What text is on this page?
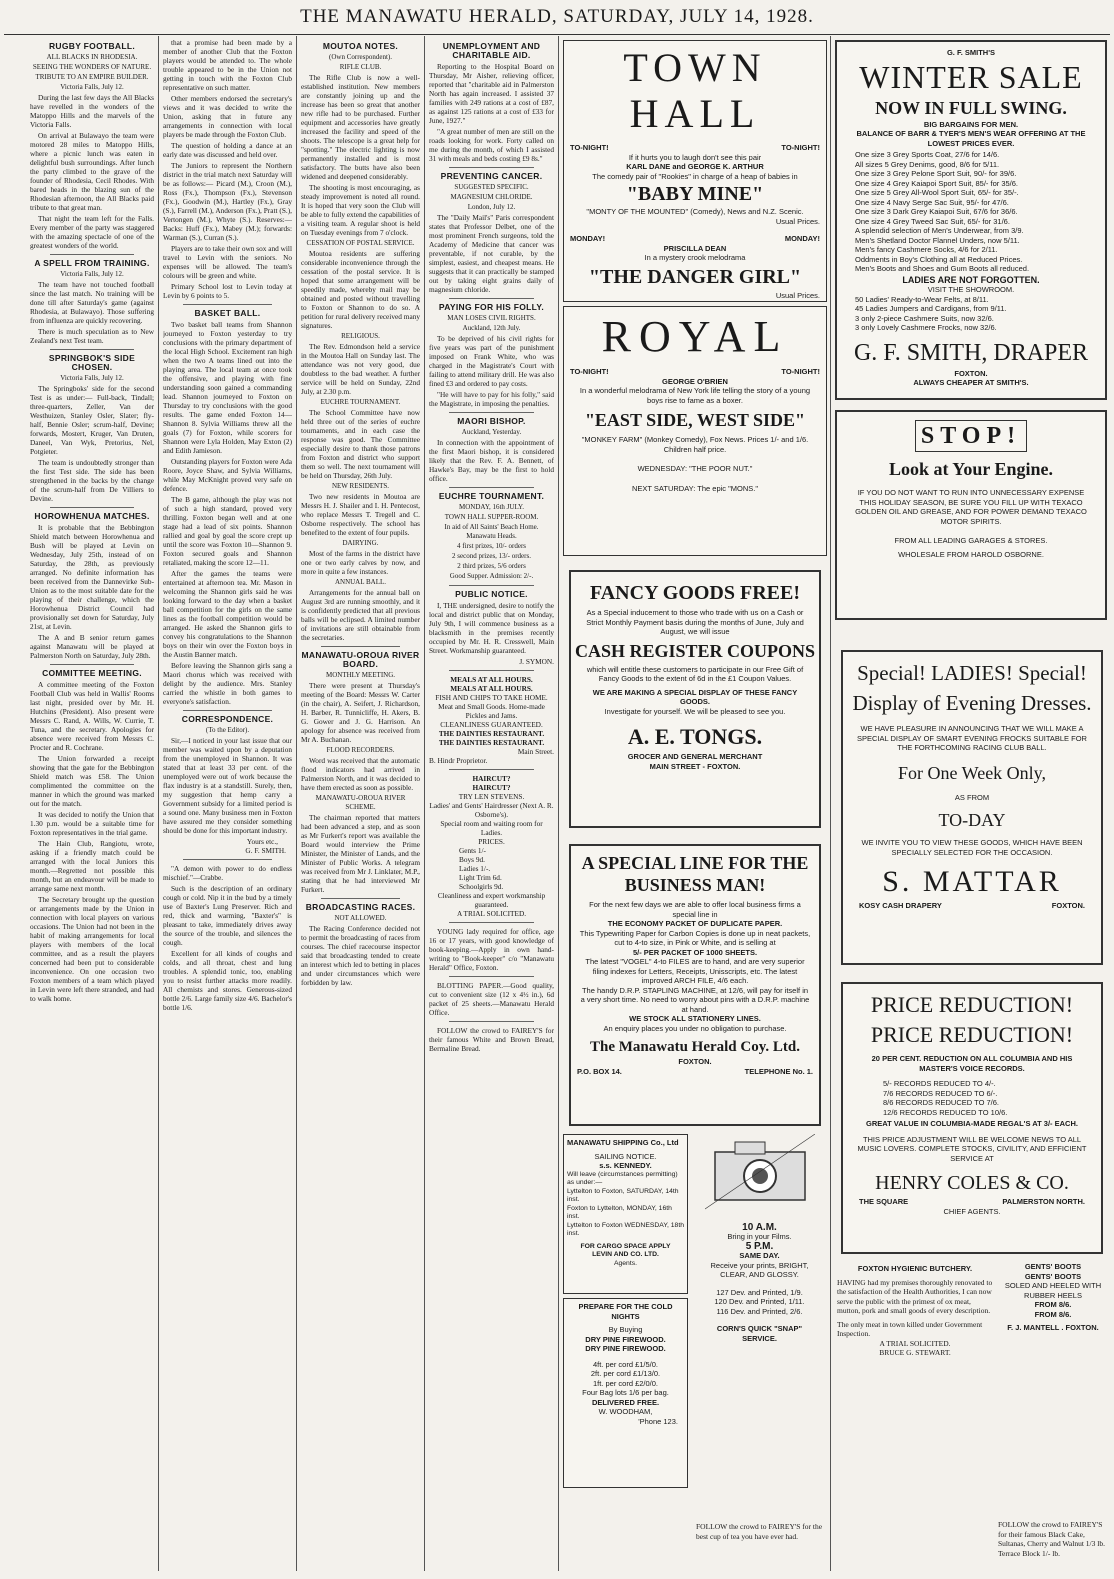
THE MANAWATU HERALD, SATURDAY, JULY 14, 1928.
RUGBY FOOTBALL.
ALL BLACKS IN RHODESIA.
SEEING THE WONDERS OF NATURE.
TRIBUTE TO AN EMPIRE BUILDER.
Victoria Falls, July 12.

During the last few days the All Blacks have revelled in the wonders of the Matoppo Hills and the marvels of the Victoria Falls.

On arrival at Bulawayo the team were motored 28 miles to Matoppo Hills, where a picnic lunch was eaten in delightful bush surroundings. After lunch the party climbed to the grave of the founder of Rhodesia, Cecil Rhodes. With bared heads in the blazing sun of the Rhodesian afternoon, the All Blacks paid tribute to that great man.

That night the team left for the Falls. Every member of the party was staggered with the amazing spectacle of one of the greatest wonders of the world.

A SPELL FROM TRAINING.
Victoria Falls, July 12.

The team have not touched football since the last match. No training will be done till after Saturday's game (against Rhodesia, at Bulawayo). Those suffering from influenza are quickly recovering.

There is much speculation as to New Zealand's next Test team.

SPRINGBOK'S SIDE CHOSEN.
Victoria Falls, July 12.

The Springboks' side for the second Test is as under:— Full-back, Tindall; three-quarters, Zeller, Van der Westhuizen, Stanley Osler, Slater; fly-half, Bennie Osler; scrum-half, Devine; forwards, Mostert, Kruger, Van Druten, Daneel, Van Wyk, Pretorius, Nel, Potgieter.

The team is undoubtedly stronger than the first Test side. The side has been strengthened in the backs by the change of the scrum-half from De Villiers to Devine.

HOROWHENUA MATCHES.

It is probable that the Bebbington Shield match between Horowhenua and Bush will be played at Levin on Wednesday, July 25th, instead of on Saturday, the 28th, as previously arranged. No definite information has been received from the Dannevirke Sub-Union as to the most suitable date for the playing of their challenge, which the Horowhenua District Council had provisionally set down for Saturday, July 21st, at Levin.

The A and B senior return games against Manawatu will be played at Palmerston North on Saturday, July 28th.

COMMITTEE MEETING.

A committee meeting of the Foxton Football Club was held in Wallis' Rooms last night, presided over by Mr. H. Hutchins (President). Also present were Messrs C. Rand, A. Wills, W. Currie, T. Tuna, and the secretary. Apologies for absence were received from Messrs C. Procter and R. Cochrane.

The Union forwarded a receipt showing that the gate for the Bebbington Shield match was £58. The Union complimented the committee on the manner in which the ground was marked out for the match.

It was decided to notify the Union that 1.30 p.m. would be a suitable time for Foxton representatives in the trial game.

The Hain Club, Rangiotu, wrote, asking if a friendly match could be arranged with the local Juniors this month.—Regretted not possible this month, but an endeavour will be made to arrange same next month.

The Secretary brought up the question or arrangements made by the Union in connection with local players on various occasions. The Union had not been in the habit of making arrangements for local players with members of the local committee, and as a result the players concerned had been put to considerable inconvenience. On one occasion two Foxton members of a team which played in Levin were left there stranded, and had to walk home.

that a promise had been made by a member of another Club that the Foxton players would be attended to. The whole trouble appeared to be in the Union not getting in touch with the Foxton Club representative on such matter.

Other members endorsed the secretary's views and it was decided to write the Union, asking that in future any arrangements in connection with local players be made through the Foxton Club.

The question of holding a dance at an early date was discussed and held over.

The Juniors to represent the Northern district in the trial match next Saturday will be as follows:— Picard (M.), Croon (M.), Ross (Fx.), Thompson (Fx.), Stevenson (Fx.), Goodwin (M.), Hartley (Fx.), Gray (S.), Farrell (M.), Anderson (Fx.), Pratt (S.), Vertongen (M.), Whyte (S.). Reserves:— Backs: Huff (Fx.), Mabey (M.); forwards: Warman (S.), Curran (S.).

Players are to take their own sox and will travel to Levin with the seniors. No expenses will be allowed. The team's colours will be green and white.

Primary School lost to Levin today at Levin by 6 points to 5.

BASKET BALL.

Two basket ball teams from Shannon journeyed to Foxton yesterday to try conclusions with the primary department of the local High School. Excitement ran high when the two A teams lined out into the playing area. The local team at once took the offensive, and playing with fine understanding soon gained a commanding lead. Shannon journeyed to Foxton on Thursday to try conclusions with the good results. The game ended Foxton 14—Shannon 8. Sylvia Williams threw all the goals (7) for Foxton, while scorers for Shannon were Lyla Holden, May Exton (2) and Edith Jamieson.

Outstanding players for Foxton were Ada Roore, Joyce Shaw, and Sylvia Williams, while May McKnight proved very safe on defence.

The B game, although the play was not of such a high standard, proved very thrilling. Foxton began well and at one stage had a lead of six points. Shannon rallied and goal by goal the score crept up until the score was Foxton 10—Shannon 9. Foxton secured goals and Shannon retaliated, making the score 12—11.

After the games the teams were entertained at afternoon tea. Mr. Mason in welcoming the Shannon girls said he was looking forward to the day when a basket ball competition for the girls on the same lines as the football competition would be arranged. He asked the Shannon girls to convey his congratulations to the Shannon boys on their win over the Foxton boys in the Austin Banner match.

Before leaving the Shannon girls sang a Maori chorus which was received with delight by the audience. Mrs. Stanley carried the whistle in both games to everyone's satisfaction.

CORRESPONDENCE.
(To the Editor).

Sir,—I noticed in your last issue that our member was waited upon by a deputation from the unemployed in Shannon. It was stated that at least 33 per cent. of the unemployed were out of work because the flax industry is at a standstill. Surely, then, my suggestion that hemp carry a Government subsidy for a limited period is a sound one. Many business men in Foxton have assured me they consider something should be done for this important industry.

Yours etc.,
G. F. SMITH.

"A demon with power to do endless mischief."—Crabbe.

Such is the description of an ordinary cough or cold. Nip it in the bud by a timely use of Baxter's Lung Preserver. Rich and red, thick and warming, "Baxter's" is pleasant to take, immediately drives away the source of the trouble, and silences the cough.

Excellent for all kinds of coughs and colds, and all throat, chest and lung troubles. A splendid tonic, too, enabling you to resist further attacks more readily. All chemists and stores. Generous-sized bottle 2/6. Large family size 4/6. Bachelor's bottle 1/6.

MOUTOA NOTES.
(Own Correspondent).
RIFLE CLUB.

The Rifle Club is now a well-established institution. New members are constantly joining up and the increase has been so great that another new rifle had to be purchased. Further equipment and accessories have greatly increased the facility and speed of the shoots. The telescope is a great help for "spotting." The electric lighting is now permanently installed and is most satisfactory. The butts have also been widened and deepened considerably.

The shooting is most encouraging, as steady improvement is noted all round. It is hoped that very soon the Club will be able to fully extend the capabilities of a visiting team. A regular shoot is held on Tuesday evenings from 7 o'clock.

CESSATION OF POSTAL SERVICE.

Moutoa residents are suffering considerable inconvenience through the cessation of the postal service. It is hoped that some arrangement will be speedily made, whereby mail may be obtained and posted without travelling to Foxton or Shannon to do so. A petition for rural delivery received many signatures.

RELIGIOUS.

The Rev. Edmondson held a service in the Moutoa Hall on Sunday last. The attendance was not very good, due doubtless to the bad weather. A further service will be held on Sunday, 22nd July, at 2.30 p.m.

EUCHRE TOURNAMENT.

The School Committee have now held three out of the series of euchre tournaments, and in each case the response was good. The Committee especially desire to thank those patrons from Foxton and district who support them so well. The next tournament will be held on Thursday, 26th July.

NEW RESIDENTS.

Two new residents in Moutoa are Messrs H. J. Shailer and I. H. Pentecost, who replace Messrs T. Tregell and C. Osborne respectively. The school has benefited to the extent of four pupils.

DAIRYING.

Most of the farms in the district have one or two early calves by now, and more in quite a few instances.

ANNUAL BALL.

Arrangements for the annual ball on August 3rd are running smoothly, and it is confidently predicted that all previous balls will be eclipsed. A limited number of invitations are still obtainable from the secretaries.

MANAWATU-OROUA RIVER BOARD.
MONTHLY MEETING.

There were present at Thursday's meeting of the Board: Messrs W. Carter (in the chair), A. Seifert, J. Richardson, H. Barber, R. Tunnicliffe, H. Akers, B. G. Gower and J. G. Harrison. An apology for absence was received from Mr A. Buchanan.

FLOOD RECORDERS.

Word was received that the automatic flood indicators had arrived in Palmerston North, and it was decided to have them erected as soon as possible.

MANAWATU-OROUA RIVER SCHEME.

The chairman reported that matters had been advanced a step, and as soon as Mr Furkert's report was available the Board would interview the Prime Minister, the Minister of Lands, and the Minister of Public Works. A telegram was received from Mr J. Linklater, M.P., stating that he had interviewed Mr Furkert.

BROADCASTING RACES.
NOT ALLOWED.

The Racing Conference decided not to permit the broadcasting of races from courses. The chief racecourse inspector said that broadcasting tended to create an interest which led to betting in places and under circumstances which were forbidden by law.

UNEMPLOYMENT AND CHARITABLE AID.

Reporting to the Hospital Board on Thursday, Mr Aisher, relieving officer, reported that "charitable aid in Palmerston North has again increased. I assisted 37 families with 249 rations at a cost of £87, as against 125 rations at a cost of £33 for June, 1927."

"A great number of men are still on the roads looking for work. Forty called on me during the month, of which I assisted 31 with meals and beds costing £9 8s."

PREVENTING CANCER.
SUGGESTED SPECIFIC.
MAGNESIUM CHLORIDE.
London, July 12.

The "Daily Mail's" Paris correspondent states that Professor Delbet, one of the most prominent French surgeons, told the Academy of Medicine that cancer was preventable, if not curable, by the simplest, easiest, and cheapest means. He suggests that it can practically be stamped out by taking eight grains daily of magnesium chloride.

PAYING FOR HIS FOLLY.
MAN LOSES CIVIL RIGHTS.
Auckland, 12th July.

To be deprived of his civil rights for five years was part of the punishment imposed on Frank White, who was charged in the Magistrate's Court with failing to attend military drill. He was also fined £3 and ordered to pay costs.

"He will have to pay for his folly," said the Magistrate, in imposing the penalties.

MAORI BISHOP.
Auckland, Yesterday.

In connection with the appointment of the first Maori bishop, it is considered likely that the Rev. F. A. Bennett, of Hawke's Bay, may be the first to hold office.

EUCHRE TOURNAMENT.
MONDAY, 16th JULY.
TOWN HALL SUPPER-ROOM.
In aid of All Saints' Beach Home. Manawatu Heads.
4 first prizes, 10/- orders
2 second prizes, 13/- orders.
2 third prizes, 5/6 orders
Good Supper. Admission: 2/-.
PUBLIC NOTICE.

I, THE undersigned, desire to notify the local and district public that on Monday, July 9th, I will commence business as a blacksmith in the premises recently occupied by Mr. H. R. Cresswell, Main Street. Workmanship guaranteed.

J. SYMON.
MEALS AT ALL HOURS.
MEALS AT ALL HOURS.
FISH AND CHIPS TO TAKE HOME.
Meat and Small Goods. Home-made Pickles and Jams.
CLEANLINESS GUARANTEED.
THE DAINTIES RESTAURANT.
THE DAINTIES RESTAURANT.
Main Street.
B. Hindr Proprietor.
HAIRCUT?
HAIRCUT?
TRY LEN STEVENS.
Ladies' and Gents' Hairdresser (Next A. R. Osborne's).
Special room and waiting room for Ladies.
PRICES.
Gents 1/-
Boys 9d.
Ladies 1/-.
Light Trim 6d.
Schoolgirls 9d.
Cleanliness and expert workmanship guaranteed.
A TRIAL SOLICITED.

YOUNG lady required for office, age 16 or 17 years, with good knowledge of book-keeping.—Apply in own hand-writing to "Book-keeper" c/o "Manawatu Herald" Office, Foxton.

BLOTTING PAPER.—Good quality, cut to convenient size (12 x 4½ in.), 6d packet of 25 sheets.—Manawatu Herald Office.

FOLLOW the crowd to FAIREY'S for their famous White and Brown Bread, Bermaline Bread.

TOWN HALL
TO-NIGHT!	TO-NIGHT!
If it hurts you to laugh don't see this pair
KARL DANE and GEORGE K. ARTHUR
The comedy pair of "Rookies" in charge of a heap of babies in
"BABY MINE"
"MONTY OF THE MOUNTED" (Comedy), News and N.Z. Scenic.
Usual Prices.
MONDAY!	MONDAY!
PRISCILLA DEAN
In a mystery crook melodrama
"THE DANGER GIRL"
Usual Prices.
ROYAL
TO-NIGHT!	TO-NIGHT!
GEORGE O'BRIEN
In a wonderful melodrama of New York life telling the story of a young boys rise to fame as a boxer.
"EAST SIDE, WEST SIDE"
"MONKEY FARM" (Monkey Comedy), Fox News. Prices 1/- and 1/6. Children half price.
WEDNESDAY: "THE POOR NUT."
NEXT SATURDAY: The epic "MONS."
FANCY GOODS FREE!
As a Special inducement to those who trade with us on a Cash or Strict Monthly Payment basis during the months of June, July and August, we will issue
CASH REGISTER COUPONS
which will entitle these customers to participate in our Free Gift of Fancy Goods to the extent of 6d in the £1 Coupon Values.
WE ARE MAKING A SPECIAL DISPLAY OF THESE FANCY GOODS.
Investigate for yourself. We will be pleased to see you.
A. E. TONGS.
GROCER AND GENERAL MERCHANT
MAIN STREET - FOXTON.
A SPECIAL LINE FOR THE BUSINESS MAN!
For the next few days we are able to offer local business firms a special line in
THE ECONOMY PACKET OF DUPLICATE PAPER.
This Typewriting Paper for Carbon Copies is done up in neat packets, cut to 4-to size, in Pink or White, and is selling at
5/- PER PACKET OF 1000 SHEETS.
The latest "VOGEL" 4-to FILES are to hand, and are very superior filing indexes for Letters, Receipts, Unisscripts, etc. The latest improved ARCH FILE, 4/6 each.
The handy D.R.P. STAPLING MACHINE, at 12/6, will pay for itself in a very short time. No need to worry about pins with a D.R.P. machine at hand.
WE STOCK ALL STATIONERY LINES.
An enquiry places you under no obligation to purchase.
The Manawatu Herald Coy. Ltd.
FOXTON.
P.O. BOX 14.	TELEPHONE No. 1.
MANAWATU SHIPPING Co., Ltd
SAILING NOTICE.
s.s. KENNEDY.
Will leave (circumstances permitting) as under:—
Lyttelton to Foxton, SATURDAY, 14th inst.
Foxton to Lyttelton, MONDAY, 16th inst.
Lyttelton to Foxton WEDNESDAY, 18th inst.
FOR CARGO SPACE APPLY
LEVIN AND CO. LTD.
Agents.
10 A.M.
Bring in your Films.
5 P.M.
SAME DAY.
Receive your prints, BRIGHT, CLEAR, AND GLOSSY.
127 Dev. and Printed, 1/9.
120 Dev. and Printed, 1/11.
116 Dev. and Printed, 2/6.
CORN'S QUICK "SNAP" SERVICE.
PREPARE FOR THE COLD NIGHTS
By Buying
DRY PINE FIREWOOD.
DRY PINE FIREWOOD.
4ft. per cord £1/5/0.
2ft. per cord £1/13/0.
1ft. per cord £2/0/0.
Four Bag lots 1/6 per bag.
DELIVERED FREE.
W. WOODHAM,
'Phone 123.
FOLLOW the crowd to FAIREY'S for the best cup of tea you have ever had.
G. F. SMITH'S
WINTER SALE
NOW IN FULL SWING.
BIG BARGAINS FOR MEN.
BALANCE OF BARR & TYER'S MEN'S WEAR OFFERING AT THE LOWEST PRICES EVER.
One size 3 Grey Sports Coat, 27/6 for 14/6.
All sizes 5 Grey Denims, good, 8/6 for 5/11.
One size 3 Grey Pelone Sport Suit, 90/- for 39/6.
One size 4 Grey Kaiapoi Sport Suit, 85/- for 35/6.
One size 5 Grey All-Wool Sport Suit, 65/- for 35/-.
One size 4 Navy Serge Sac Suit, 95/- for 47/6.
One size 3 Dark Grey Kaiapoi Suit, 67/6 for 36/6.
One size 4 Grey Tweed Sac Suit, 65/- for 31/6.
A splendid selection of Men's Underwear, from 3/9.
Men's Shetland Doctor Flannel Unders, now 5/11.
Men's fancy Cashmere Socks, 4/6 for 2/11.
Oddments in Boy's Clothing all at Reduced Prices.
Men's Boots and Shoes and Gum Boots all reduced.
LADIES ARE NOT FORGOTTEN.
VISIT THE SHOWROOM.
50 Ladies' Ready-to-Wear Felts, at 8/11.
45 Ladies Jumpers and Cardigans, from 9/11.
3 only 2-piece Cashmere Suits, now 32/6.
3 only Lovely Cashmere Frocks, now 32/6.
G. F. SMITH, DRAPER
FOXTON.
ALWAYS CHEAPER AT SMITH'S.
STOP!
Look at Your Engine.
IF YOU DO NOT WANT TO RUN INTO UNNECESSARY EXPENSE THIS HOLIDAY SEASON, BE SURE YOU FILL UP WITH TEXACO GOLDEN OIL AND GREASE, AND FOR POWER DEMAND TEXACO MOTOR SPIRITS.
FROM ALL LEADING GARAGES & STORES.
WHOLESALE FROM HAROLD OSBORNE.
Special! LADIES! Special!
Display of Evening Dresses.
WE HAVE PLEASURE IN ANNOUNCING THAT WE WILL MAKE A SPECIAL DISPLAY OF SMART EVENING FROCKS SUITABLE FOR THE FORTHCOMING RACING CLUB BALL.
For One Week Only,
AS FROM
TO-DAY
WE INVITE YOU TO VIEW THESE GOODS, WHICH HAVE BEEN SPECIALLY SELECTED FOR THE OCCASION.
S. MATTAR
KOSY CASH DRAPERY	FOXTON.
PRICE REDUCTION!
PRICE REDUCTION!
20 PER CENT. REDUCTION ON ALL COLUMBIA AND HIS MASTER'S VOICE RECORDS.
5/- RECORDS REDUCED TO 4/-.
7/6 RECORDS REDUCED TO 6/-.
8/6 RECORDS REDUCED TO 7/6.
12/6 RECORDS REDUCED TO 10/6.
GREAT VALUE IN COLUMBIA-MADE REGAL'S AT 3/- EACH.
THIS PRICE ADJUSTMENT WILL BE WELCOME NEWS TO ALL MUSIC LOVERS. COMPLETE STOCKS, CIVILITY, AND EFFICIENT SERVICE AT
HENRY COLES & CO.
THE SQUARE	PALMERSTON NORTH.
CHIEF AGENTS.
FOXTON HYGIENIC BUTCHERY.
HAVING had my premises thoroughly renovated to the satisfaction of the Health Authorities, I can now serve the public with the primest of ox meat, mutton, pork and small goods of every description.
The only meat in town killed under Government Inspection.
A TRIAL SOLICITED.
BRUCE G. STEWART.
GENTS' BOOTS
GENTS' BOOTS
SOLED AND HEELED WITH RUBBER HEELS
FROM 8/6.
FROM 8/6.
F. J. MANTELL . FOXTON.
FOLLOW the crowd to FAIREY'S for their famous Black Cake, Sultanas, Cherry and Walnut 1/3 lb. Terrace Block 1/- lb.
